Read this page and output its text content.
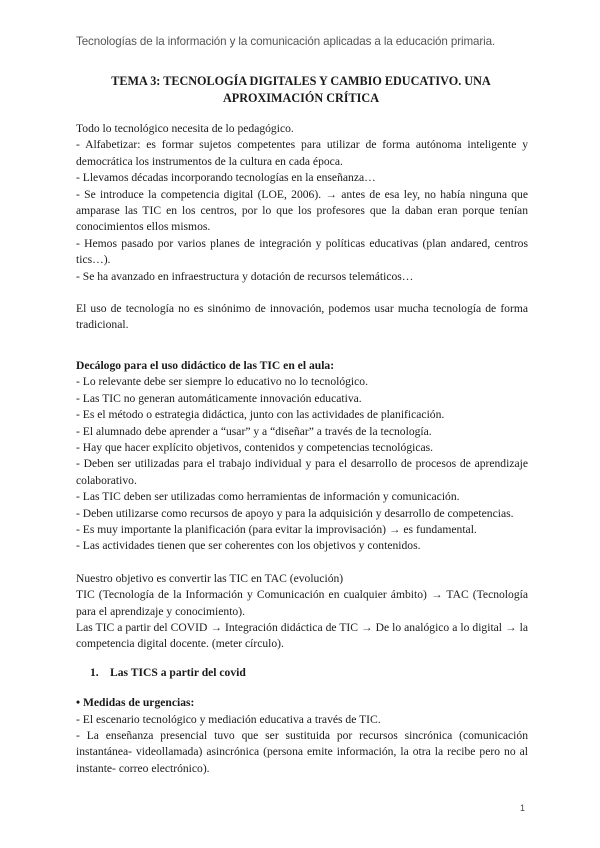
Tecnologías de la información y la comunicación aplicadas a la educación primaria.
TEMA 3: TECNOLOGÍA DIGITALES Y CAMBIO EDUCATIVO. UNA
APROXIMACIÓN CRÍTICA

Todo lo tecnológico necesita de lo pedagógico.

- Alfabetizar: es formar sujetos competentes para utilizar de forma autónoma inteligente y democrática los instrumentos de la cultura en cada época.

- Llevamos décadas incorporando tecnologías en la enseñanza…

- Se introduce la competencia digital (LOE, 2006). → antes de esa ley, no había ninguna que amparase las TIC en los centros, por lo que los profesores que la daban eran porque tenían conocimientos ellos mismos.

- Hemos pasado por varios planes de integración y políticas educativas (plan andared, centros tics…).

- Se ha avanzado en infraestructura y dotación de recursos telemáticos…

El uso de tecnología no es sinónimo de innovación, podemos usar mucha tecnología de forma tradicional.

Decálogo para el uso didáctico de las TIC en el aula:

- Lo relevante debe ser siempre lo educativo no lo tecnológico.

- Las TIC no generan automáticamente innovación educativa.

- Es el método o estrategia didáctica, junto con las actividades de planificación.

- El alumnado debe aprender a “usar” y a “diseñar” a través de la tecnología.

- Hay que hacer explícito objetivos, contenidos y competencias tecnológicas.

- Deben ser utilizadas para el trabajo individual y para el desarrollo de procesos de aprendizaje colaborativo.

- Las TIC deben ser utilizadas como herramientas de información y comunicación.

- Deben utilizarse como recursos de apoyo y para la adquisición y desarrollo de competencias.

- Es muy importante la planificación (para evitar la improvisación) → es fundamental.

- Las actividades tienen que ser coherentes con los objetivos y contenidos.

Nuestro objetivo es convertir las TIC en TAC (evolución)

TIC (Tecnología de la Información y Comunicación en cualquier ámbito) → TAC (Tecnología para el aprendizaje y conocimiento).

Las TIC a partir del COVID → Integración didáctica de TIC → De lo analógico a lo digital → la competencia digital docente. (meter círculo).

1. Las TICS a partir del covid

• Medidas de urgencias:

- El escenario tecnológico y mediación educativa a través de TIC.

- La enseñanza presencial tuvo que ser sustituida por recursos sincrónica (comunicación instantánea- videollamada) asincrónica (persona emite información, la otra la recibe pero no al instante- correo electrónico).

1
